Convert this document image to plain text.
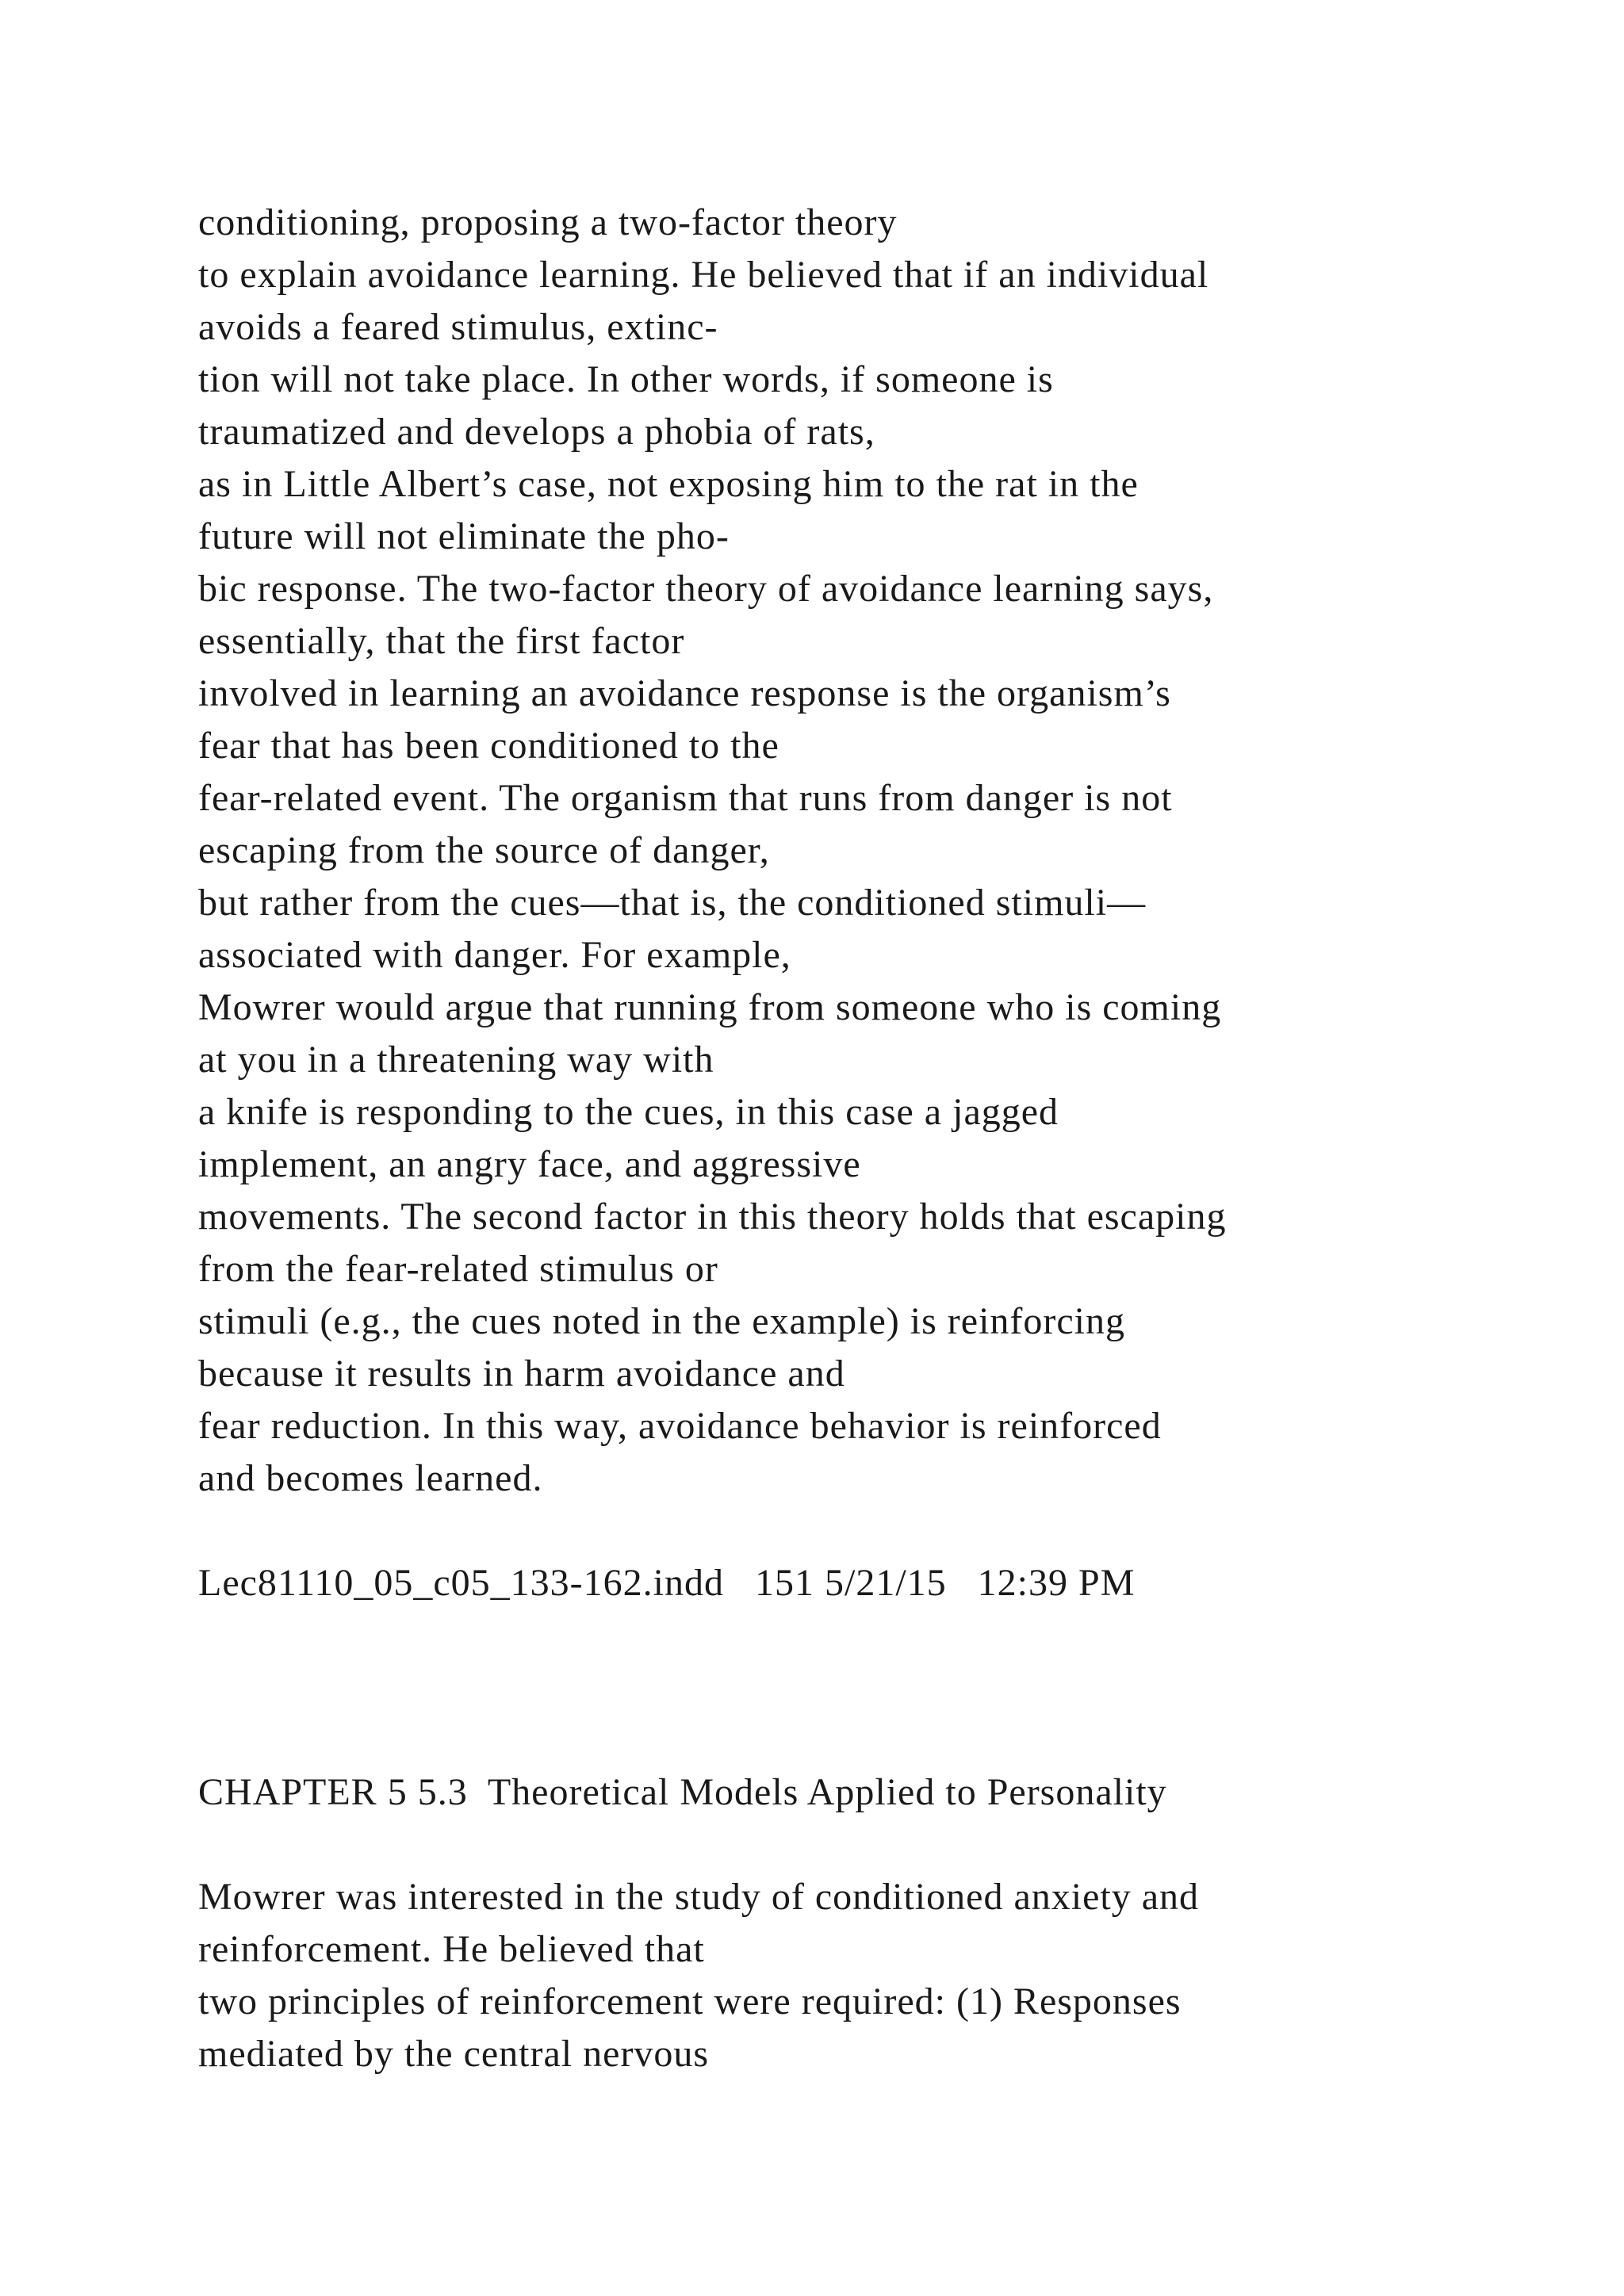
conditioning, proposing a two-factor theory
to explain avoidance learning. He believed that if an individual
avoids a feared stimulus, extinc-
tion will not take place. In other words, if someone is
traumatized and develops a phobia of rats,
as in Little Albert’s case, not exposing him to the rat in the
future will not eliminate the pho-
bic response. The two-factor theory of avoidance learning says,
essentially, that the first factor
involved in learning an avoidance response is the organism’s
fear that has been conditioned to the
fear-related event. The organism that runs from danger is not
escaping from the source of danger,
but rather from the cues—that is, the conditioned stimuli—
associated with danger. For example,
Mowrer would argue that running from someone who is coming
at you in a threatening way with
a knife is responding to the cues, in this case a jagged
implement, an angry face, and aggressive
movements. The second factor in this theory holds that escaping
from the fear-related stimulus or
stimuli (e.g., the cues noted in the example) is reinforcing
because it results in harm avoidance and
fear reduction. In this way, avoidance behavior is reinforced
and becomes learned.
Lec81110_05_c05_133-162.indd   151 5/21/15   12:39 PM
CHAPTER 5 5.3  Theoretical Models Applied to Personality
Mowrer was interested in the study of conditioned anxiety and
reinforcement. He believed that
two principles of reinforcement were required: (1) Responses
mediated by the central nervous
